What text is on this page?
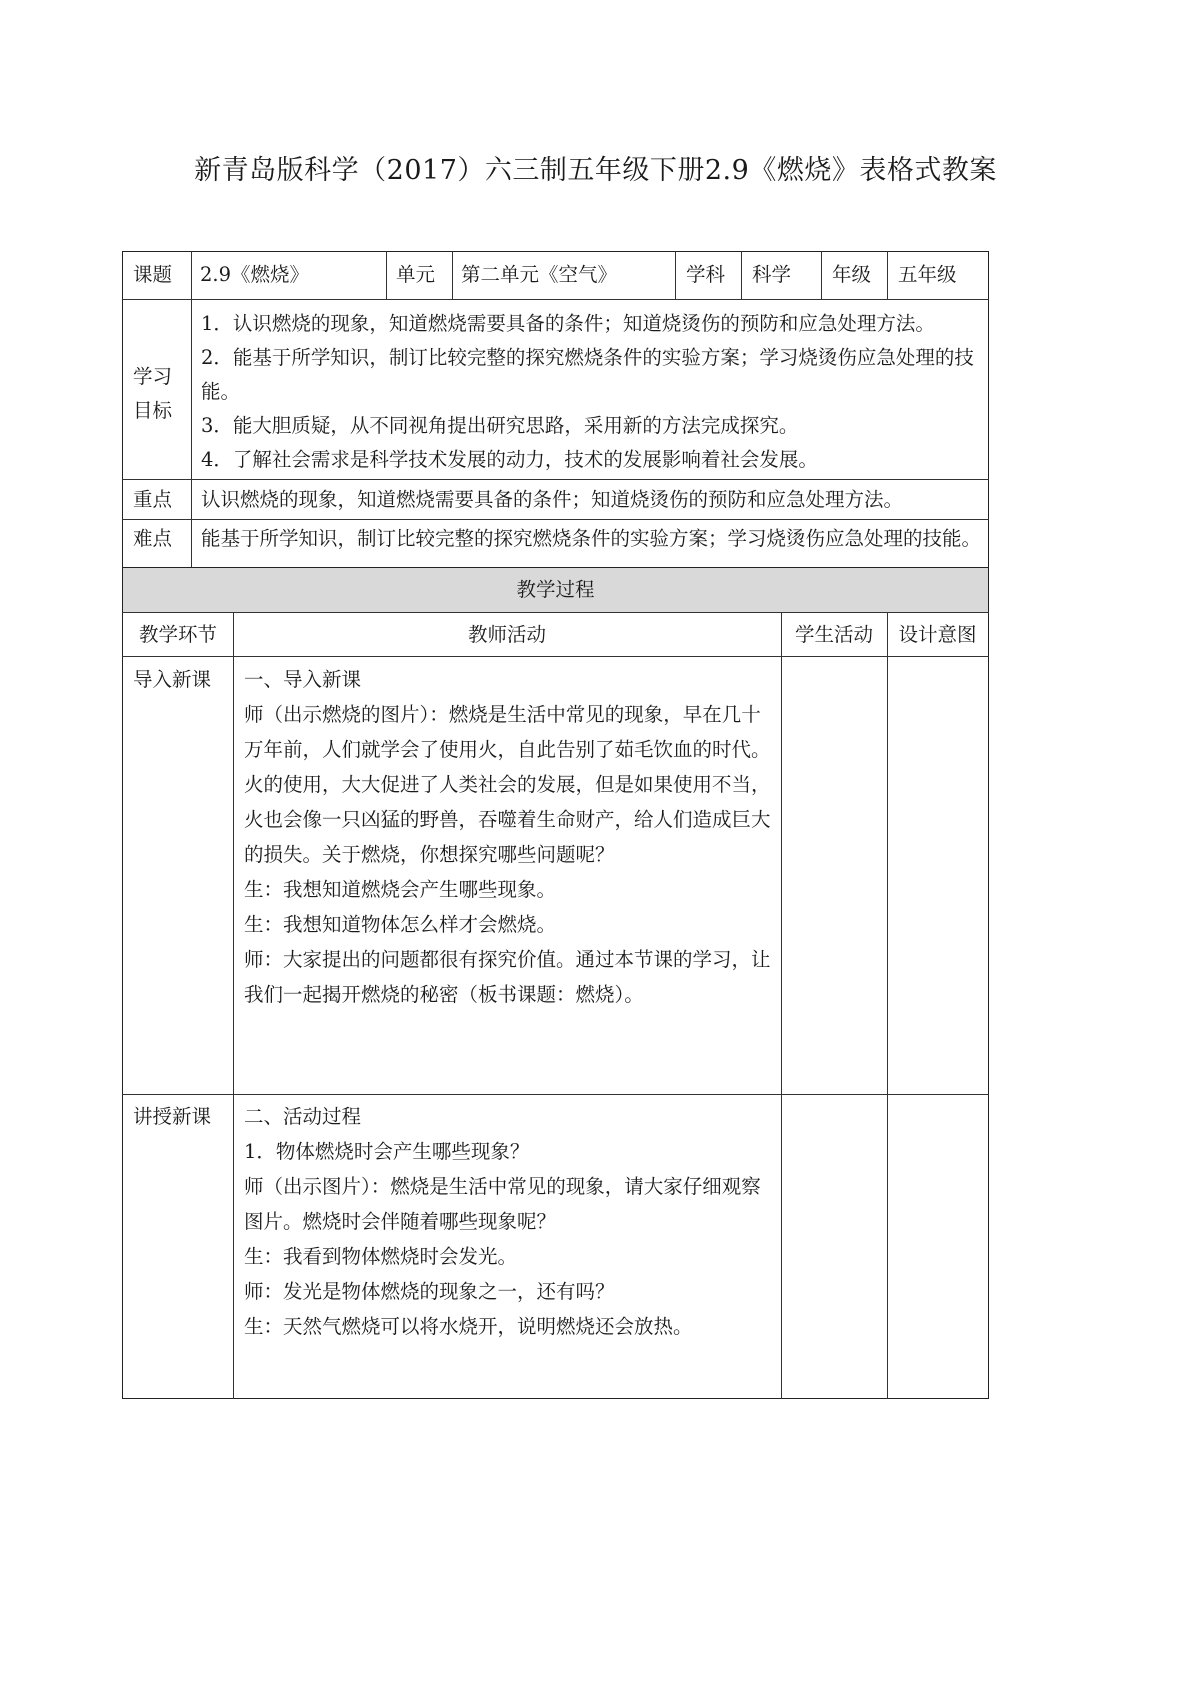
新青岛版科学（2017）六三制五年级下册2.9《燃烧》表格式教案
课题 2.9《燃烧》	单元 第二单元《空气》	学科 科学 年级 五年级
学习
目标
1．认识燃烧的现象，知道燃烧需要具备的条件；知道烧烫伤的预防和应急处理方法。
2．能基于所学知识，制订比较完整的探究燃烧条件的实验方案；学习烧烫伤应急处理的技能。
3．能大胆质疑，从不同视角提出研究思路，采用新的方法完成探究。
4．了解社会需求是科学技术发展的动力，技术的发展影响着社会发展。
重点 认识燃烧的现象，知道燃烧需要具备的条件；知道烧烫伤的预防和应急处理方法。
难点 能基于所学知识，制订比较完整的探究燃烧条件的实验方案；学习烧烫伤应急处理的技能。
教学过程
教学环节	教师活动	学生活动	设计意图
导入新课 一、导入新课
师（出示燃烧的图片）：燃烧是生活中常见的现象，早在几十万年前，人们就学会了使用火，自此告别了茹毛饮血的时代。火的使用，大大促进了人类社会的发展，但是如果使用不当，火也会像一只凶猛的野兽，吞噬着生命财产，给人们造成巨大的损失。关于燃烧，你想探究哪些问题呢？
生：我想知道燃烧会产生哪些现象。
生：我想知道物体怎么样才会燃烧。
师：大家提出的问题都很有探究价值。通过本节课的学习，让我们一起揭开燃烧的秘密（板书课题：燃烧）。
讲授新课 二、活动过程
1．物体燃烧时会产生哪些现象？
师（出示图片）：燃烧是生活中常见的现象，请大家仔细观察图片。燃烧时会伴随着哪些现象呢？
生：我看到物体燃烧时会发光。
师：发光是物体燃烧的现象之一，还有吗？
生：天然气燃烧可以将水烧开，说明燃烧还会放热。
